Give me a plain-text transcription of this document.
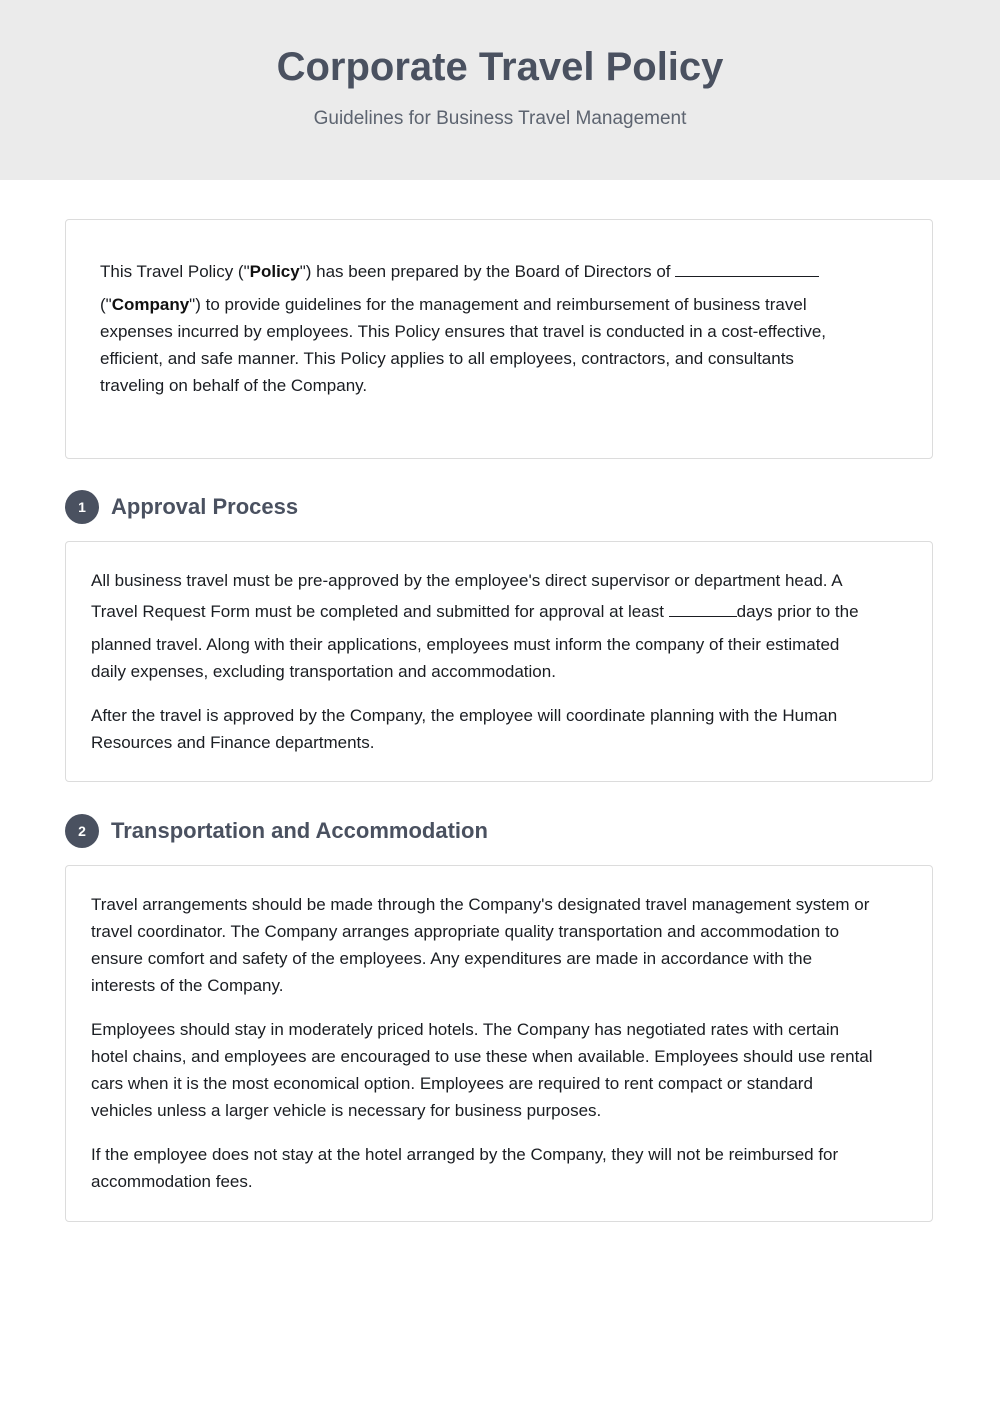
Corporate Travel Policy

Guidelines for Business Travel Management

This Travel Policy ("Policy") has been prepared by the Board of Directors of
("Company") to provide guidelines for the management and reimbursement of business travel
expenses incurred by employees. This Policy ensures that travel is conducted in a cost-effective,
efficient, and safe manner. This Policy applies to all employees, contractors, and consultants
traveling on behalf of the Company.

1	Approval Process

All business travel must be pre-approved by the employee's direct supervisor or department head. A
Travel Request Form must be completed and submitted for approval at least	days prior to the
planned travel. Along with their applications, employees must inform the company of their estimated
daily expenses, excluding transportation and accommodation.

After the travel is approved by the Company, the employee will coordinate planning with the Human
Resources and Finance departments.

2	Transportation and Accommodation

Travel arrangements should be made through the Company's designated travel management system or
travel coordinator. The Company arranges appropriate quality transportation and accommodation to
ensure comfort and safety of the employees. Any expenditures are made in accordance with the
interests of the Company.

Employees should stay in moderately priced hotels. The Company has negotiated rates with certain
hotel chains, and employees are encouraged to use these when available. Employees should use rental
cars when it is the most economical option. Employees are required to rent compact or standard
vehicles unless a larger vehicle is necessary for business purposes.

If the employee does not stay at the hotel arranged by the Company, they will not be reimbursed for
accommodation fees.
